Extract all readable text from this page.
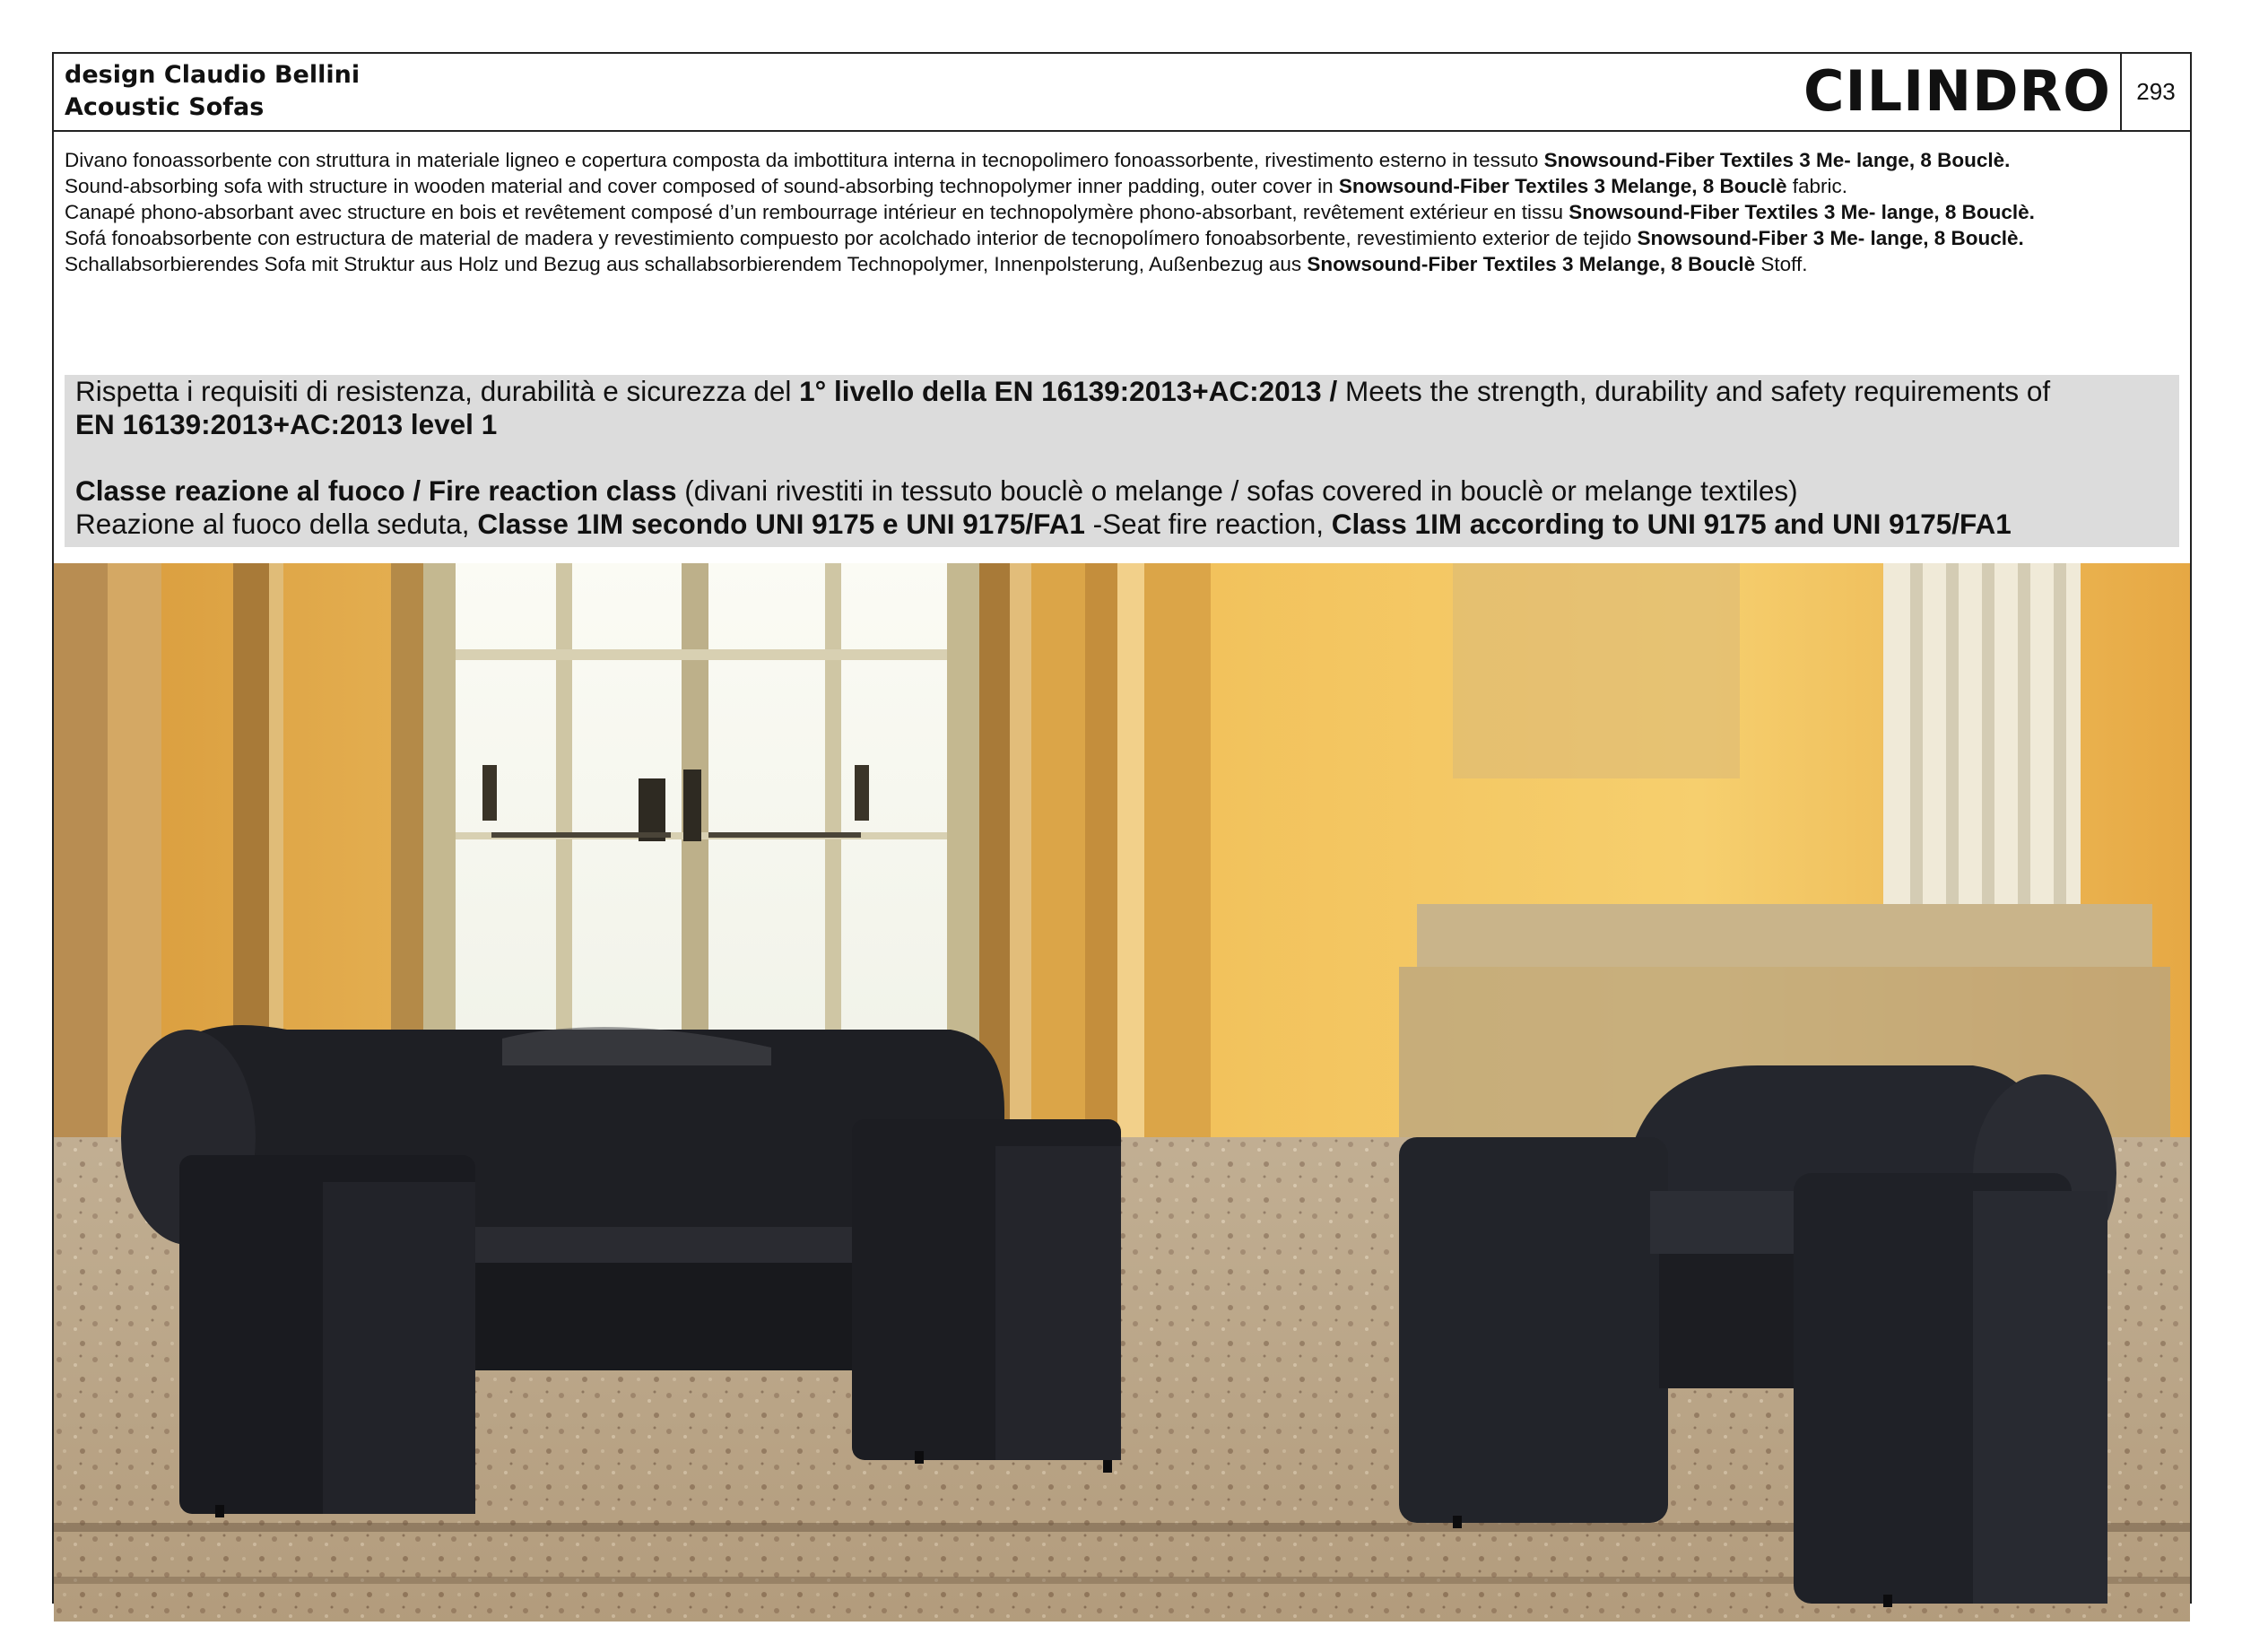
design Claudio Bellini
Acoustic Sofas	CILINDRO	293

Divano fonoassorbente con struttura in materiale ligneo e copertura composta da imbottitura interna in tecnopolimero fonoassorbente, rivestimento esterno in tessuto Snowsound-Fiber Textiles 3 Me- lange, 8 Bouclè.

Sound-absorbing sofa with structure in wooden material and cover composed of sound-absorbing technopolymer inner padding, outer cover in Snowsound-Fiber Textiles 3 Melange, 8 Bouclè fabric.

Canapé phono-absorbant avec structure en bois et revêtement composé d’un rembourrage intérieur en technopolymère phono-absorbant, revêtement extérieur en tissu Snowsound-Fiber Textiles 3 Me- lange, 8 Bouclè.

Sofá fonoabsorbente con estructura de material de madera y revestimiento compuesto por acolchado interior de tecnopolímero fonoabsorbente, revestimiento exterior de tejido Snowsound-Fiber 3 Me- lange, 8 Bouclè.

Schallabsorbierendes Sofa mit Struktur aus Holz und Bezug aus schallabsorbierendem Technopolymer, Innenpolsterung, Außenbezug aus Snowsound-Fiber Textiles 3 Melange, 8 Bouclè Stoff.

Rispetta i requisiti di resistenza, durabilità e sicurezza del 1° livello della EN 16139:2013+AC:2013 / Meets the strength, durability and safety requirements of
EN 16139:2013+AC:2013 level 1

Classe reazione al fuoco / Fire reaction class (divani rivestiti in tessuto bouclè o melange / sofas covered in bouclè or melange textiles)

Reazione al fuoco della seduta, Classe 1IM secondo UNI 9175 e UNI 9175/FA1 -Seat fire reaction, Class 1IM according to UNI 9175 and UNI 9175/FA1
